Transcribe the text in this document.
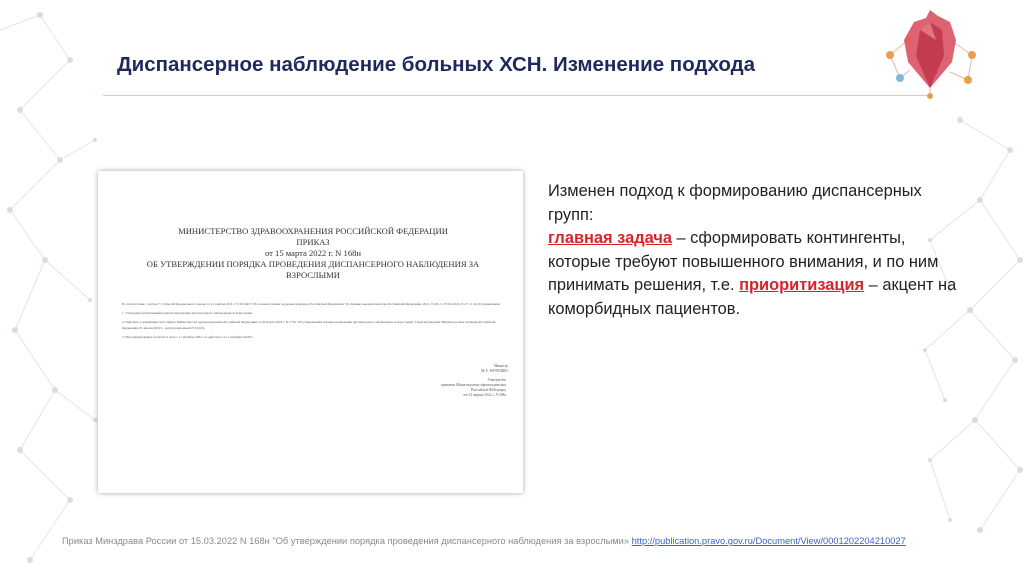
Диспансерное наблюдение больных ХСН. Изменение подхода
МИНИСТЕРСТВО ЗДРАВООХРАНЕНИЯ РОССИЙСКОЙ ФЕДЕРАЦИИ
ПРИКАЗ
от 15 марта 2022 г. N 168н
ОБ УТВЕРЖДЕНИИ ПОРЯДКА ПРОВЕДЕНИЯ ДИСПАНСЕРНОГО НАБЛЮДЕНИЯ ЗА ВЗРОСЛЫМИ

В соответствии с частью 7 статьи 46 Федерального закона от 21 ноября 2011 г. N 323-ФЗ "Об основах охраны здоровья граждан в Российской Федерации" (Собрание законодательства Российской Федерации, 2011, N 48, ст. 6724; 2016, N 27, ст. 4219) приказываю:

1. Утвердить прилагаемый порядок проведения диспансерного наблюдения за взрослыми.

2. Признать утратившим силу приказ Министерства здравоохранения Российской Федерации от 29 марта 2019 г. N 173н "Об утверждении порядка проведения диспансерного наблюдения за взрослыми" (зарегистрирован Министерством юстиции Российской Федерации 25 апреля 2019 г., регистрационный N 54513).

3. Настоящий приказ вступает в силу с 1 сентября 2022 г. и действует до 1 сентября 2028 г.

Министр
М.А. МУРАШКО
Утвержден
приказом Министерства здравоохранения
Российской Федерации
от 15 марта 2022 г. N 168н
Изменен подход к формированию диспансерных групп:
главная задача – сформировать контингенты, которые требуют повышенного внимания, и по ним принимать решения, т.е. приоритизация – акцент на коморбидных пациентов.
Приказ Минздрава России от 15.03.2022 N 168н "Об утверждении порядка проведения диспансерного наблюдения за взрослыми» http://publication.pravo.gov.ru/Document/View/0001202204210027
